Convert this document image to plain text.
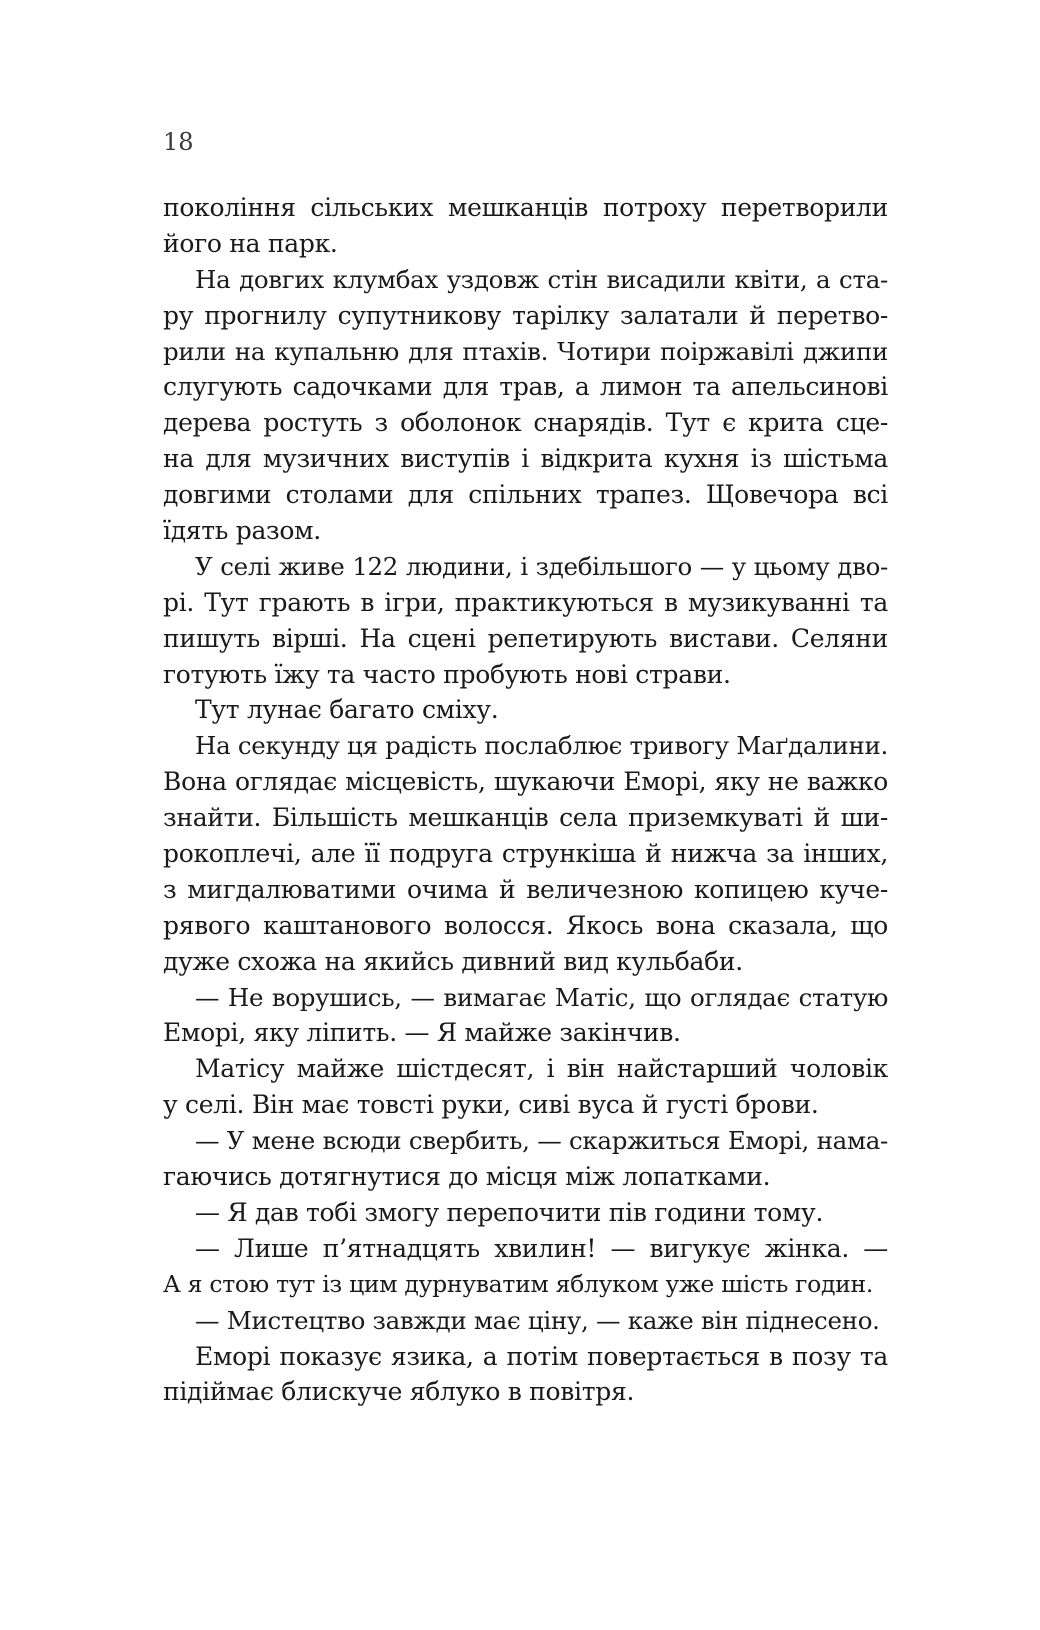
18
покоління сільських мешканців потроху перетворили
його на парк.
На довгих клумбах уздовж стін висадили квіти, а ста-
ру прогнилу супутникову тарілку залатали й перетво-
рили на купальню для птахів. Чотири поіржавілі джипи
слугують садочками для трав, а лимон та апельсинові
дерева ростуть з оболонок снарядів. Тут є крита сце-
на для музичних виступів і відкрита кухня із шістьма
довгими столами для спільних трапез. Щовечора всі
їдять разом.
У селі живе 122 людини, і здебільшого — у цьому дво-
рі. Тут грають в ігри, практикуються в музикуванні та
пишуть вірші. На сцені репетирують вистави. Селяни
готують їжу та часто пробують нові страви.
Тут лунає багато сміху.
На секунду ця радість послаблює тривогу Маґдалини.
Вона оглядає місцевість, шукаючи Еморі, яку не важко
знайти. Більшість мешканців села приземкуваті й ши-
рокоплечі, але її подруга стрункіша й нижча за інших,
з мигдалюватими очима й величезною копицею куче-
рявого каштанового волосся. Якось вона сказала, що
дуже схожа на якийсь дивний вид кульбаби.
— Не ворушись, — вимагає Матіс, що оглядає статую
Еморі, яку ліпить. — Я майже закінчив.
Матісу майже шістдесят, і він найстарший чоловік
у селі. Він має товсті руки, сиві вуса й густі брови.
— У мене всюди свербить, — скаржиться Еморі, нама-
гаючись дотягнутися до місця між лопатками.
— Я дав тобі змогу перепочити пів години тому.
— Лише п’ятнадцять хвилин! — вигукує жінка. —
А я стою тут із цим дурнуватим яблуком уже шість годин.
— Мистецтво завжди має ціну, — каже він піднесено.
Еморі показує язика, а потім повертається в позу та
підіймає блискуче яблуко в повітря.
